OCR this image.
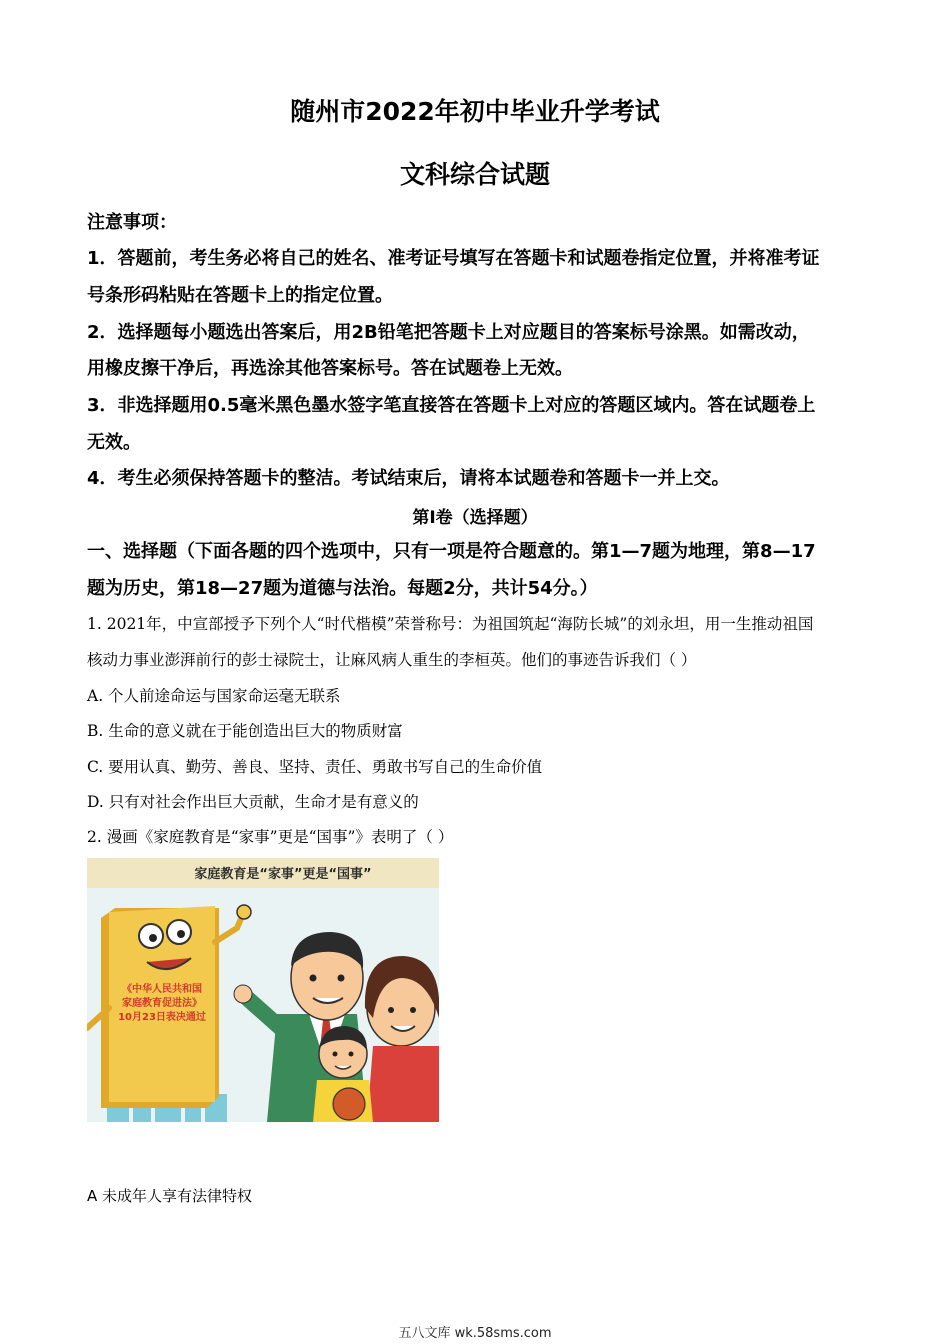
随州市2022年初中毕业升学考试
文科综合试题
注意事项：
1．答题前，考生务必将自己的姓名、准考证号填写在答题卡和试题卷指定位置，并将准考证
号条形码粘贴在答题卡上的指定位置。
2．选择题每小题选出答案后，用2B铅笔把答题卡上对应题目的答案标号涂黑。如需改动，
用橡皮擦干净后，再选涂其他答案标号。答在试题卷上无效。
3．非选择题用0.5毫米黑色墨水签字笔直接答在答题卡上对应的答题区域内。答在试题卷上
无效。
4．考生必须保持答题卡的整洁。考试结束后，请将本试题卷和答题卡一并上交。
第I卷（选择题）
一、选择题（下面各题的四个选项中，只有一项是符合题意的。第1—7题为地理，第8—17
题为历史，第18—27题为道德与法治。每题2分，共计54分。）
1. 2021年，中宣部授予下列个人“时代楷模”荣誉称号：为祖国筑起“海防长城”的刘永坦，用一生推动祖国
核动力事业澎湃前行的彭士禄院士，让麻风病人重生的李桓英。他们的事迹告诉我们（ ）
A. 个人前途命运与国家命运毫无联系
B. 生命的意义就在于能创造出巨大的物质财富
C. 要用认真、勤劳、善良、坚持、责任、勇敢书写自己的生命价值
D. 只有对社会作出巨大贡献，生命才是有意义的
2. 漫画《家庭教育是“家事”更是“国事”》表明了（ ）
家庭教育是“家事”更是“国事”
《中华人民共和国
家庭教育促进法》
10月23日表决通过
A 未成年人享有法律特权
五八文库 wk.58sms.com
